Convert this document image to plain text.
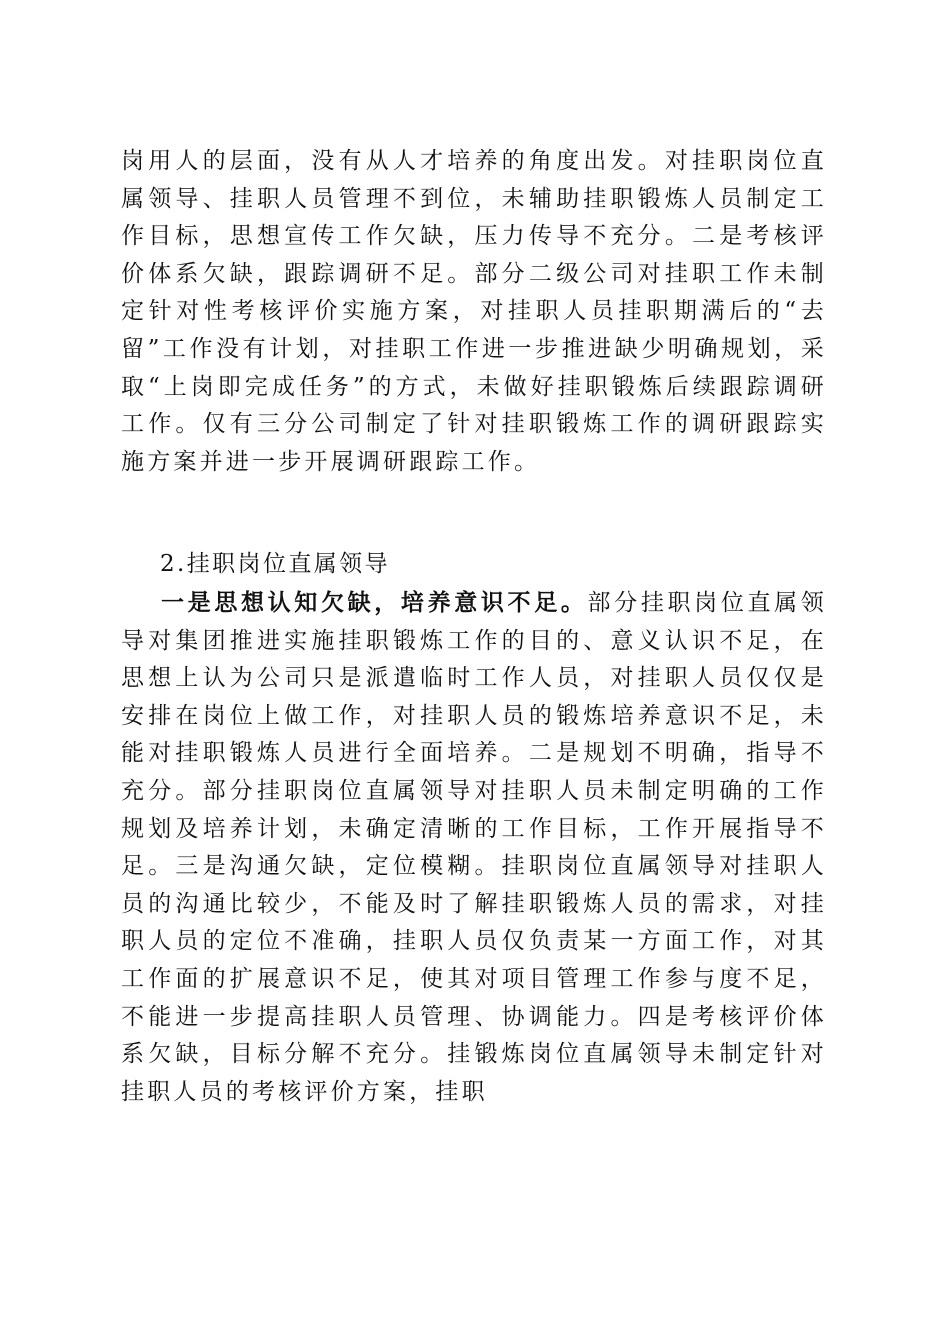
岗用人的层面，没有从人才培养的角度出发。对挂职岗位直属领导、挂职人员管理不到位，未辅助挂职锻炼人员制定工作目标，思想宣传工作欠缺，压力传导不充分。二是考核评价体系欠缺，跟踪调研不足。部分二级公司对挂职工作未制定针对性考核评价实施方案，对挂职人员挂职期满后的“去留”工作没有计划，对挂职工作进一步推进缺少明确规划，采取“上岗即完成任务”的方式，未做好挂职锻炼后续跟踪调研工作。仅有三分公司制定了针对挂职锻炼工作的调研跟踪实施方案并进一步开展调研跟踪工作。
2.挂职岗位直属领导
一是思想认知欠缺，培养意识不足。部分挂职岗位直属领导对集团推进实施挂职锻炼工作的目的、意义认识不足，在思想上认为公司只是派遣临时工作人员，对挂职人员仅仅是安排在岗位上做工作，对挂职人员的锻炼培养意识不足，未能对挂职锻炼人员进行全面培养。二是规划不明确，指导不充分。部分挂职岗位直属领导对挂职人员未制定明确的工作规划及培养计划，未确定清晰的工作目标，工作开展指导不足。三是沟通欠缺，定位模糊。挂职岗位直属领导对挂职人员的沟通比较少，不能及时了解挂职锻炼人员的需求，对挂职人员的定位不准确，挂职人员仅负责某一方面工作，对其工作面的扩展意识不足，使其对项目管理工作参与度不足，不能进一步提高挂职人员管理、协调能力。四是考核评价体系欠缺，目标分解不充分。挂锻炼岗位直属领导未制定针对挂职人员的考核评价方案，挂职
